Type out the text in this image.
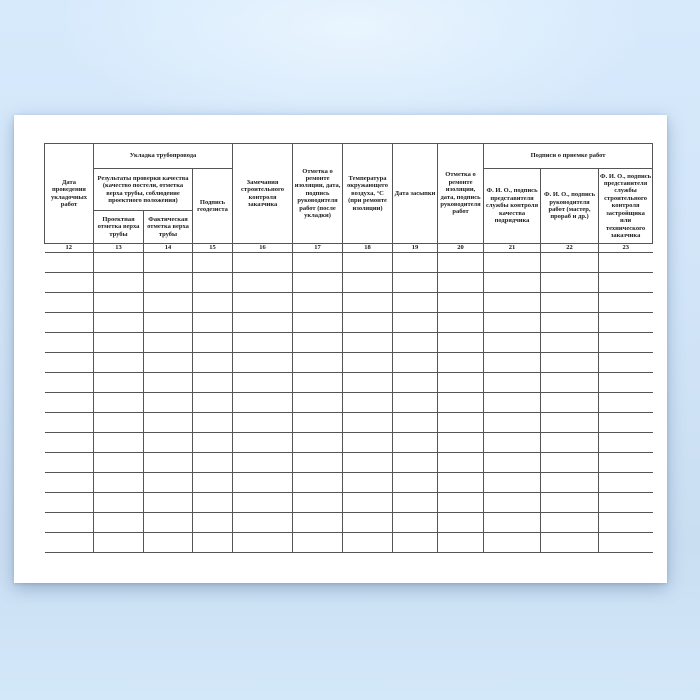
Дата проведения укладочных работ	Укладка трубопровода			Замечания строительного контроля заказчика	Отметка о ремонте изоляции, дата, подпись руководителя работ (после укладки)	Температура окружающего воздуха, °С (при ремонте изоляции)	Дата засыпки	Отметка о ремонте изоляции, дата, подпись руководителя работ	Подписи о приемке работ		
	Результаты проверки качества (качество постели, отметка верха трубы, соблюдение проектного положения)		Подпись геодезиста						Ф. И. О., подпись представителя службы контроля качества подрядчика	Ф. И. О., подпись руководителя работ (мастер, прораб и др.)	Ф. И. О., подпись представителя службы строительного контроля застройщика или технического заказчика
	Проектная отметка верха трубы	Фактическая отметка верха трубы									
12	13	14	15	16	17	18	19	20	21	22	23
